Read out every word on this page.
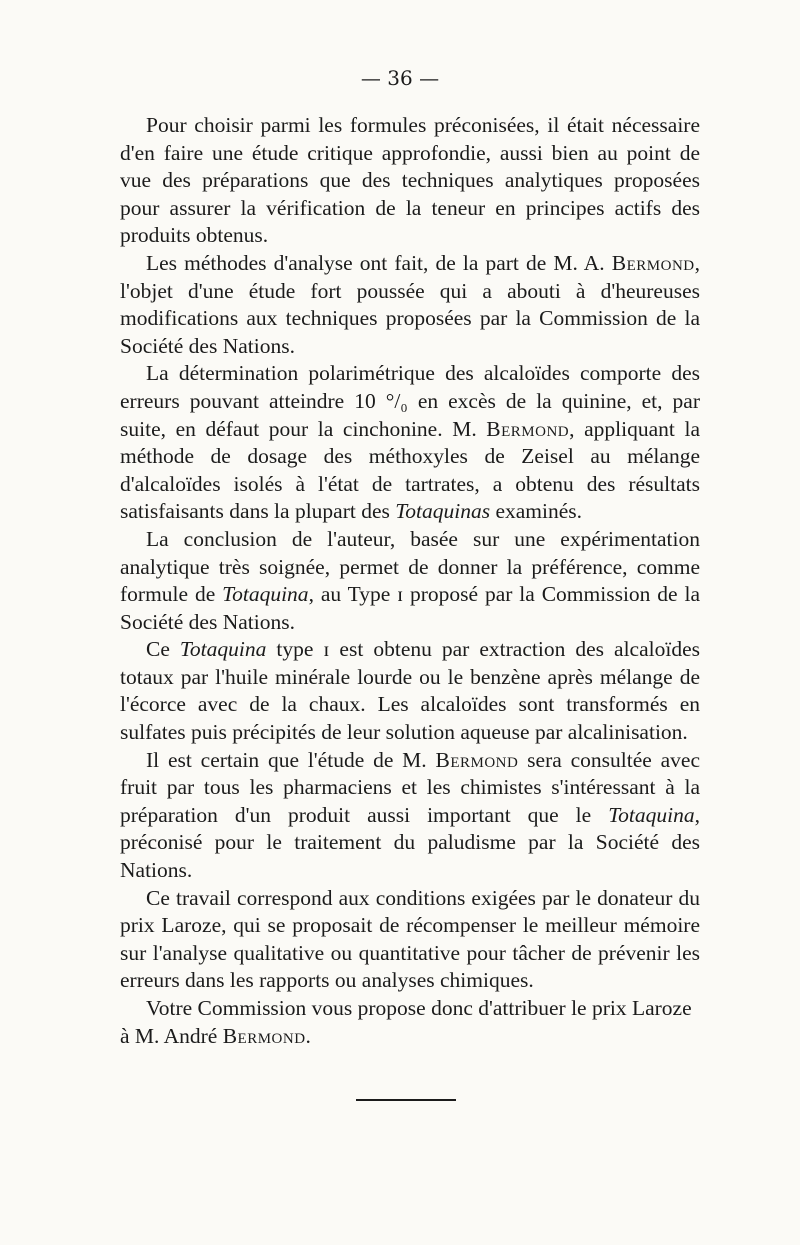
— 36 —

Pour choisir parmi les formules préconisées, il était nécessaire d'en faire une étude critique approfondie, aussi bien au point de vue des préparations que des techniques analytiques proposées pour assurer la vérification de la teneur en principes actifs des produits obtenus.

Les méthodes d'analyse ont fait, de la part de M. A. Bermond, l'objet d'une étude fort poussée qui a abouti à d'heureuses modifications aux techniques proposées par la Commission de la Société des Nations.

La détermination polarimétrique des alcaloïdes comporte des erreurs pouvant atteindre 10 °/₀ en excès de la quinine, et, par suite, en défaut pour la cinchonine. M. Bermond, appliquant la méthode de dosage des méthoxyles de Zeisel au mélange d'alcaloïdes isolés à l'état de tartrates, a obtenu des résultats satisfaisants dans la plupart des Totaquinas examinés.

La conclusion de l'auteur, basée sur une expérimentation analytique très soignée, permet de donner la préférence, comme formule de Totaquina, au Type ɪ proposé par la Commission de la Société des Nations.

Ce Totaquina type ɪ est obtenu par extraction des alcaloïdes totaux par l'huile minérale lourde ou le benzène après mélange de l'écorce avec de la chaux. Les alcaloïdes sont transformés en sulfates puis précipités de leur solution aqueuse par alcalinisation.

Il est certain que l'étude de M. Bermond sera consultée avec fruit par tous les pharmaciens et les chimistes s'intéressant à la préparation d'un produit aussi important que le Totaquina, préconisé pour le traitement du paludisme par la Société des Nations.

Ce travail correspond aux conditions exigées par le donateur du prix Laroze, qui se proposait de récompenser le meilleur mémoire sur l'analyse qualitative ou quantitative pour tâcher de prévenir les erreurs dans les rapports ou analyses chimiques.

Votre Commission vous propose donc d'attribuer le prix Laroze à M. André Bermond.
